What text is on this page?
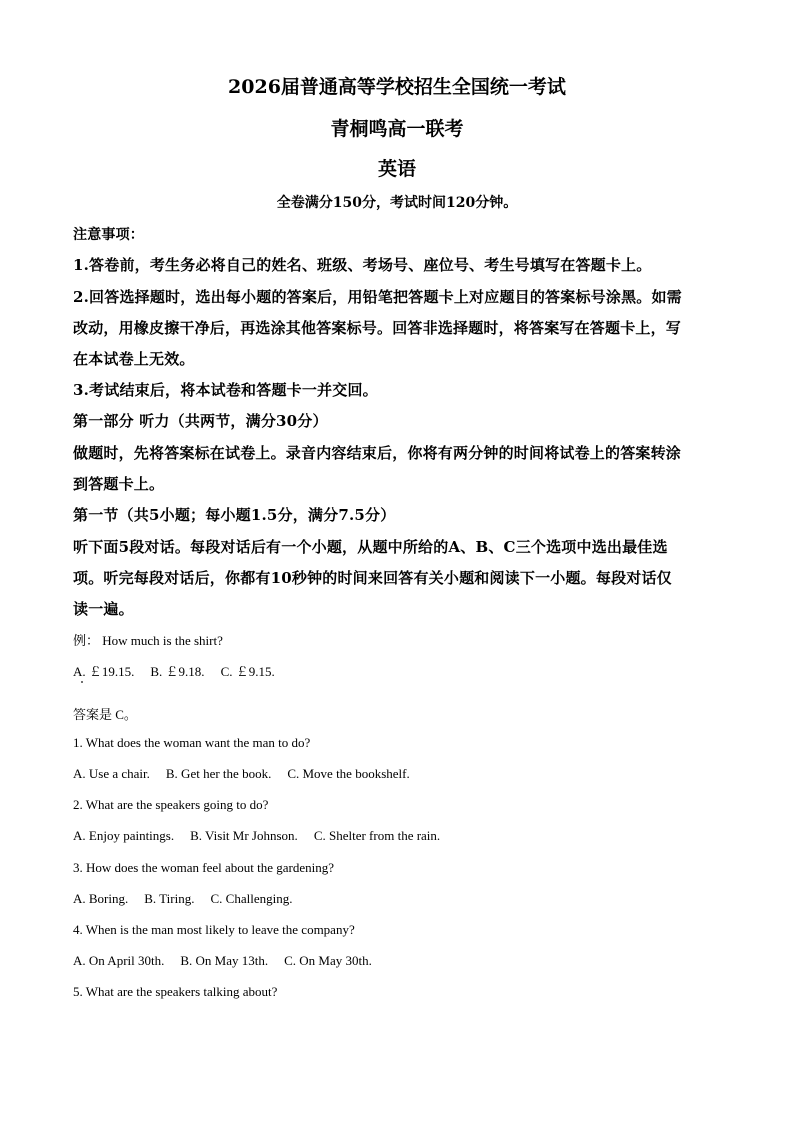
2026届普通高等学校招生全国统一考试
青桐鸣高一联考
英语
全卷满分150分，考试时间120分钟。
注意事项：
1.答卷前，考生务必将自己的姓名、班级、考场号、座位号、考生号填写在答题卡上。
2.回答选择题时，选出每小题的答案后，用铅笔把答题卡上对应题目的答案标号涂黑。如需
改动，用橡皮擦干净后，再选涂其他答案标号。回答非选择题时，将答案写在答题卡上，写
在本试卷上无效。
3.考试结束后，将本试卷和答题卡一并交回。
第一部分 听力（共两节，满分30分）
做题时，先将答案标在试卷上。录音内容结束后，你将有两分钟的时间将试卷上的答案转涂
到答题卡上。
第一节（共5小题；每小题1.5分，满分7.5分）
听下面5段对话。每段对话后有一个小题，从题中所给的A、B、C三个选项中选出最佳选
项。听完每段对话后，你都有10秒钟的时间来回答有关小题和阅读下一小题。每段对话仅
读一遍。
例： How much is the shirt?
A. ￡19.15. B. ￡9.18. C. ￡9.15.
答案是 C。
1. What does the woman want the man to do?
A. Use a chair. B. Get her the book. C. Move the bookshelf.
2. What are the speakers going to do?
A. Enjoy paintings. B. Visit Mr Johnson. C. Shelter from the rain.
3. How does the woman feel about the gardening?
A. Boring. B. Tiring. C. Challenging.
4. When is the man most likely to leave the company?
A. On April 30th. B. On May 13th. C. On May 30th.
5. What are the speakers talking about?
